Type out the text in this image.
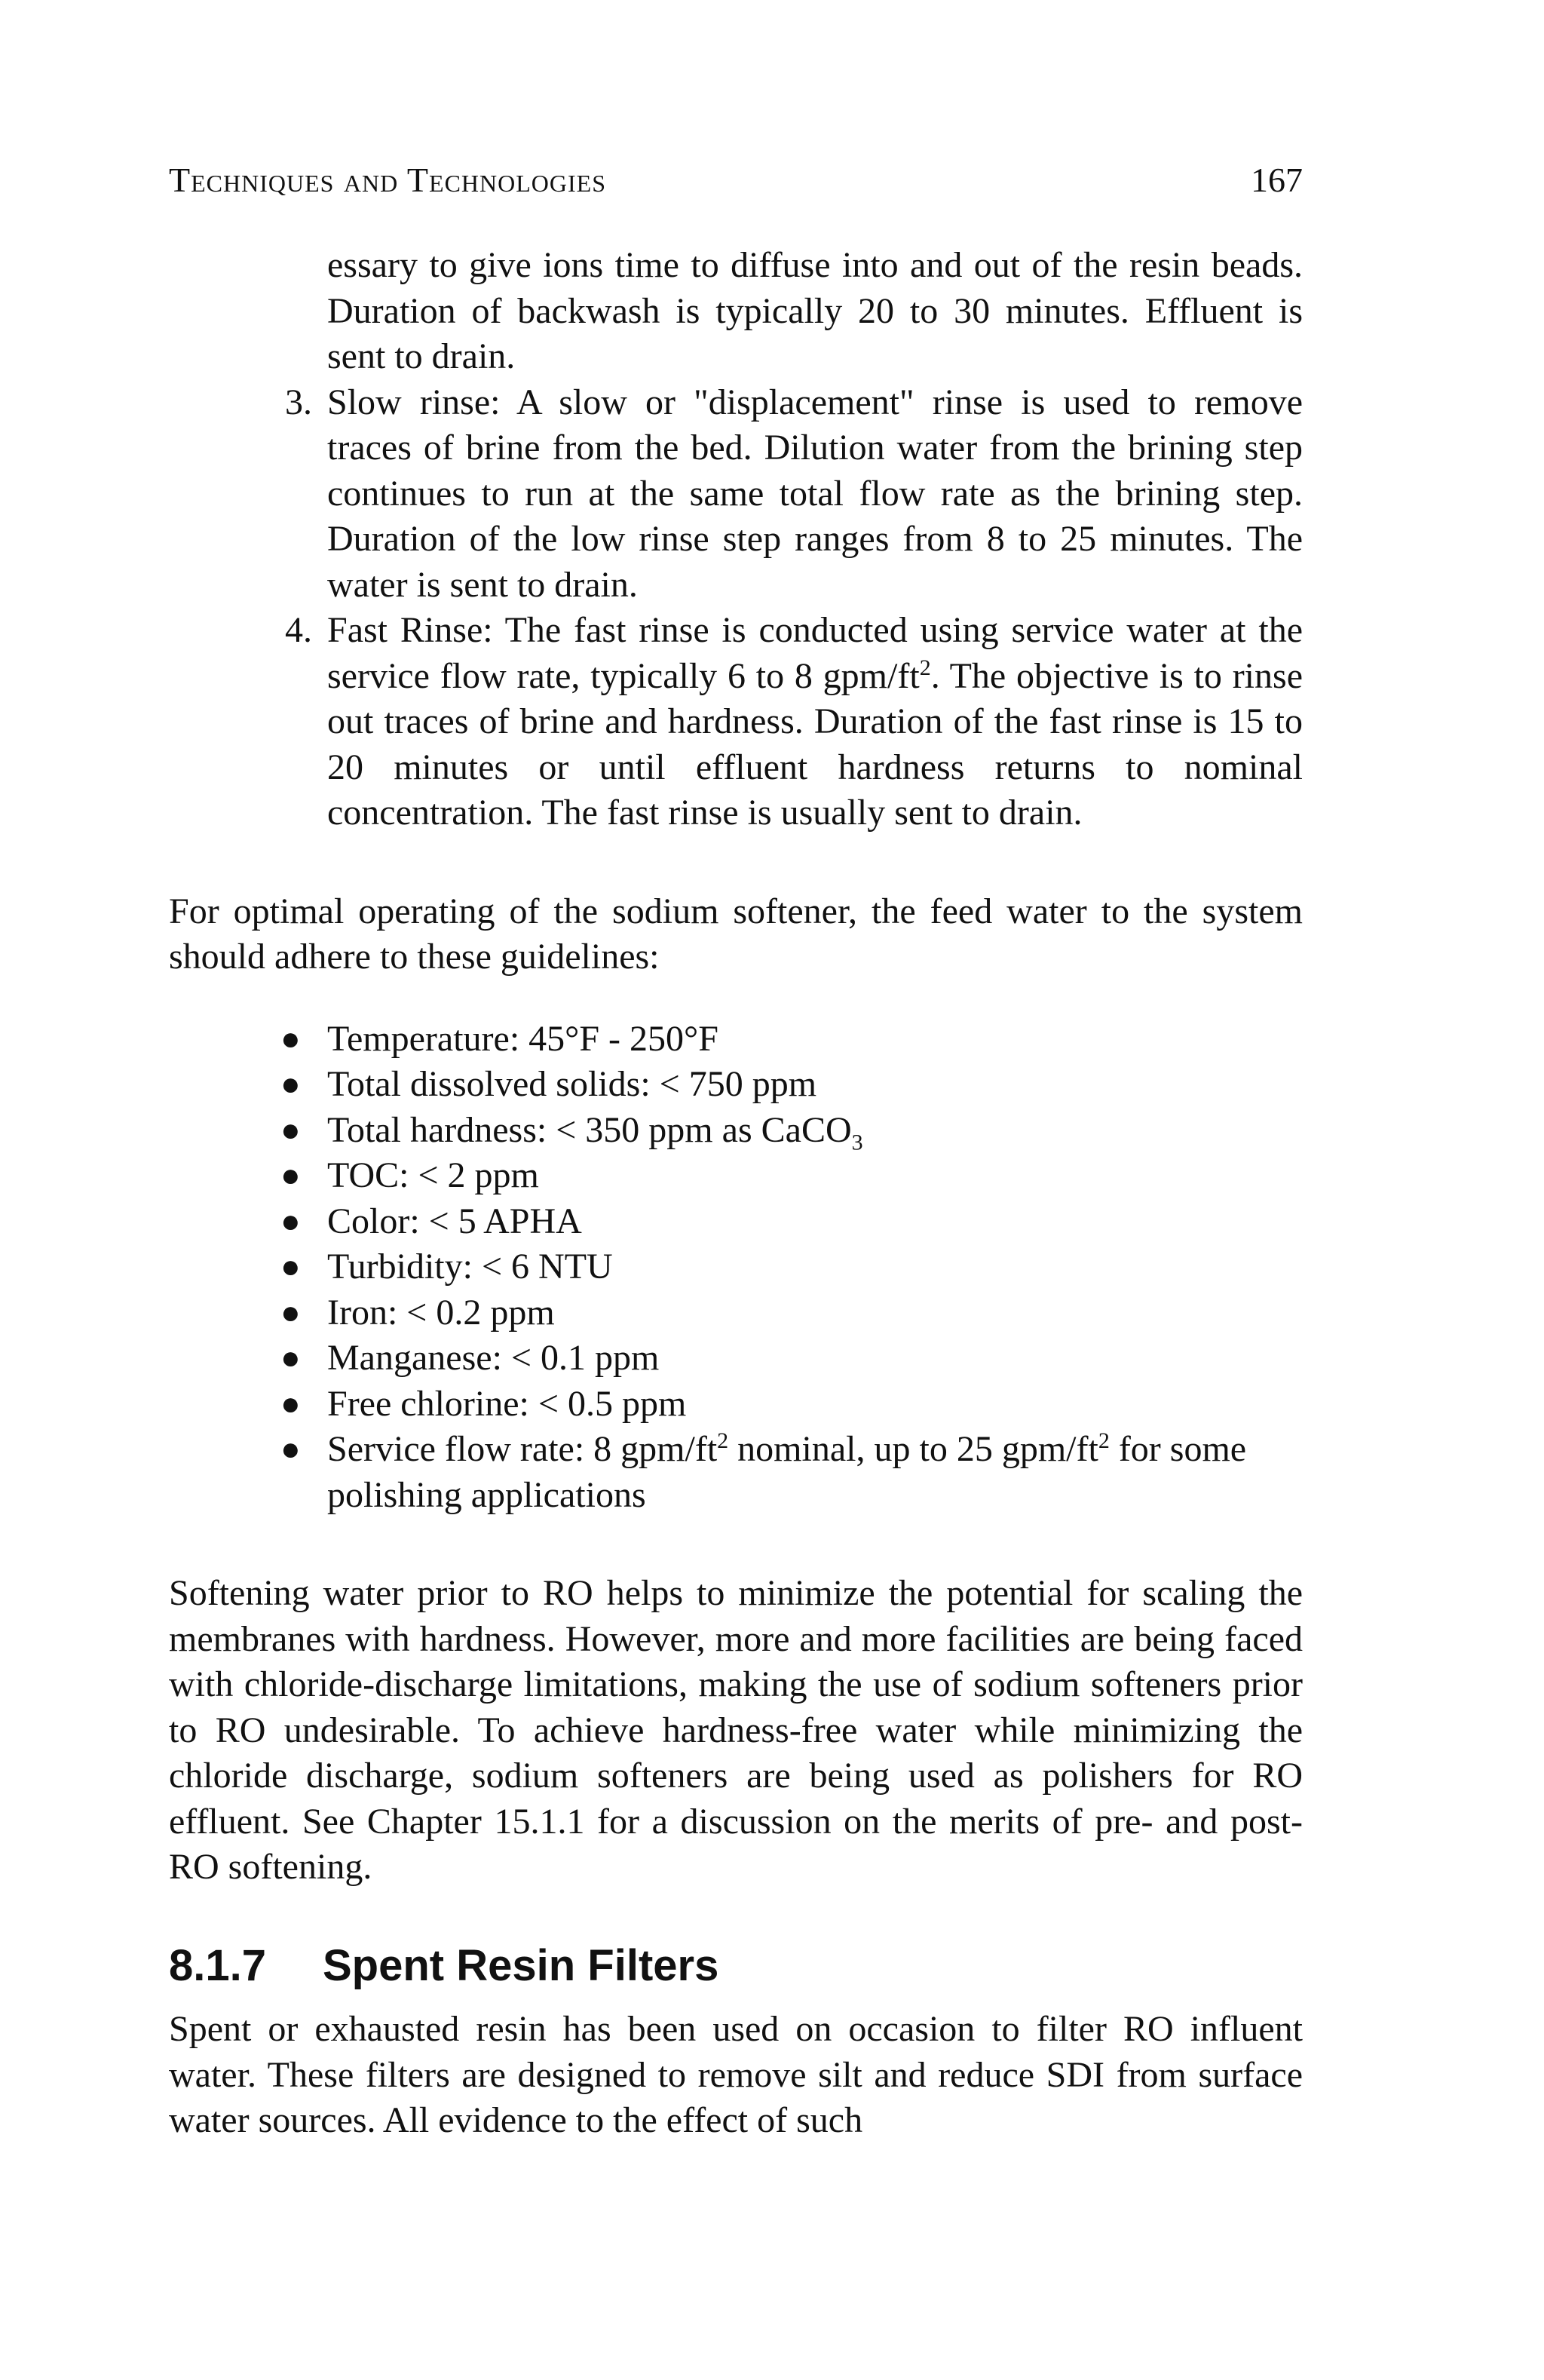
Techniques and Technologies	167

essary to give ions time to diffuse into and out of the resin beads. Duration of backwash is typically 20 to 30 minutes. Effluent is sent to drain.

3. Slow rinse: A slow or "displacement" rinse is used to remove traces of brine from the bed. Dilution water from the brining step continues to run at the same total flow rate as the brining step. Duration of the low rinse step ranges from 8 to 25 minutes. The water is sent to drain.
4. Fast Rinse: The fast rinse is conducted using service water at the service flow rate, typically 6 to 8 gpm/$ft^2$. The objective is to rinse out traces of brine and hardness. Duration of the fast rinse is 15 to 20 minutes or until effluent hardness returns to nominal concentration. The fast rinse is usually sent to drain.

For optimal operating of the sodium softener, the feed water to the system should adhere to these guidelines:

● Temperature: 45°F - 250°F
● Total dissolved solids: < 750 ppm
● Total hardness: < 350 ppm as CaCO$_3$
● TOC: < 2 ppm
● Color: < 5 APHA
● Turbidity: < 6 NTU
● Iron: < 0.2 ppm
● Manganese: < 0.1 ppm
● Free chlorine: < 0.5 ppm
● Service flow rate: 8 gpm/$ft^2$ nominal, up to 25 gpm/$ft^2$ for some polishing applications

Softening water prior to RO helps to minimize the potential for scaling the membranes with hardness. However, more and more facilities are being faced with chloride-discharge limitations, making the use of sodium softeners prior to RO undesirable. To achieve hardness-free water while minimizing the chloride discharge, sodium softeners are being used as polishers for RO effluent. See Chapter 15.1.1 for a discussion on the merits of pre- and post-RO softening.

8.1.7 Spent Resin Filters

Spent or exhausted resin has been used on occasion to filter RO influent water. These filters are designed to remove silt and reduce SDI from surface water sources. All evidence to the effect of such
